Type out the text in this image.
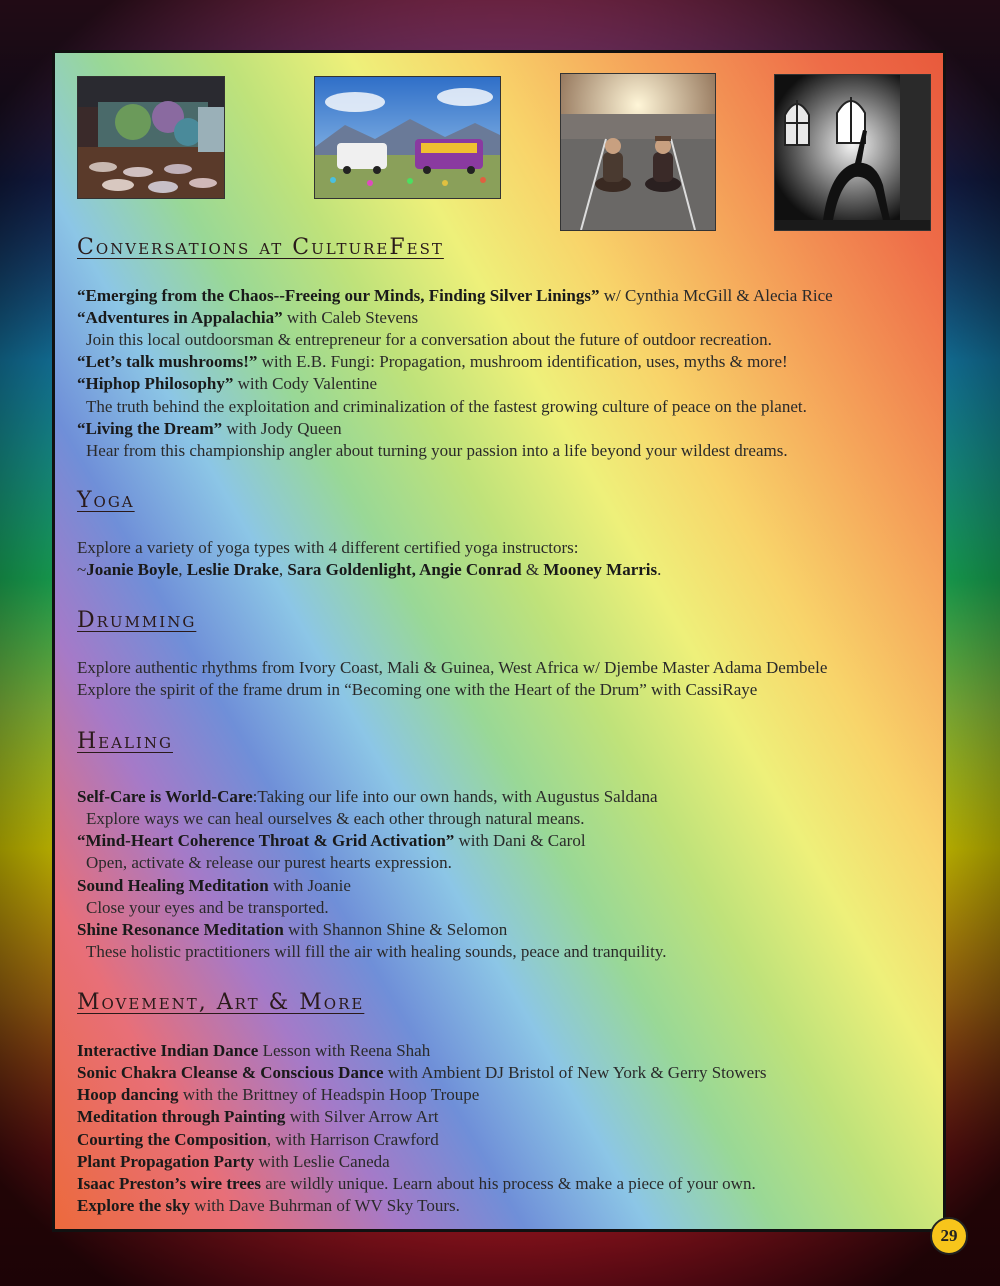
Conversations at CultureFest
“Emerging from the Chaos--Freeing our Minds, Finding Silver Linings” w/ Cynthia McGill & Alecia Rice
“Adventures in Appalachia” with Caleb Stevens
Join this local outdoorsman & entrepreneur for a conversation about the future of outdoor recreation.
“Let’s talk mushrooms!” with E.B. Fungi: Propagation, mushroom identification, uses, myths & more!
“Hiphop Philosophy” with Cody Valentine
The truth behind the exploitation and criminalization of the fastest growing culture of peace on the planet.
“Living the Dream” with Jody Queen
Hear from this championship angler about turning your passion into a life beyond your wildest dreams.
Yoga
Explore a variety of yoga types with 4 different certified yoga instructors:
~Joanie Boyle, Leslie Drake, Sara Goldenlight, Angie Conrad & Mooney Marris.
Drumming
Explore authentic rhythms from Ivory Coast, Mali & Guinea, West Africa w/ Djembe Master Adama Dembele
Explore the spirit of the frame drum in “Becoming one with the Heart of the Drum” with CassiRaye
Healing
Self-Care is World-Care:Taking our life into our own hands, with Augustus Saldana
Explore ways we can heal ourselves & each other through natural means.
“Mind-Heart Coherence Throat & Grid Activation” with Dani & Carol
Open, activate & release our purest hearts expression.
Sound Healing Meditation with Joanie
Close your eyes and be transported.
Shine Resonance Meditation with Shannon Shine & Selomon
These holistic practitioners will fill the air with healing sounds, peace and tranquility.
Movement, Art & More
Interactive Indian Dance Lesson with Reena Shah
Sonic Chakra Cleanse & Conscious Dance with Ambient DJ Bristol of New York & Gerry Stowers
Hoop dancing with the Brittney of Headspin Hoop Troupe
Meditation through Painting with Silver Arrow Art
Courting the Composition, with Harrison Crawford
Plant Propagation Party with Leslie Caneda
Isaac Preston’s wire trees are wildly unique. Learn about his process & make a piece of your own.
Explore the sky with Dave Buhrman of WV Sky Tours.
29
